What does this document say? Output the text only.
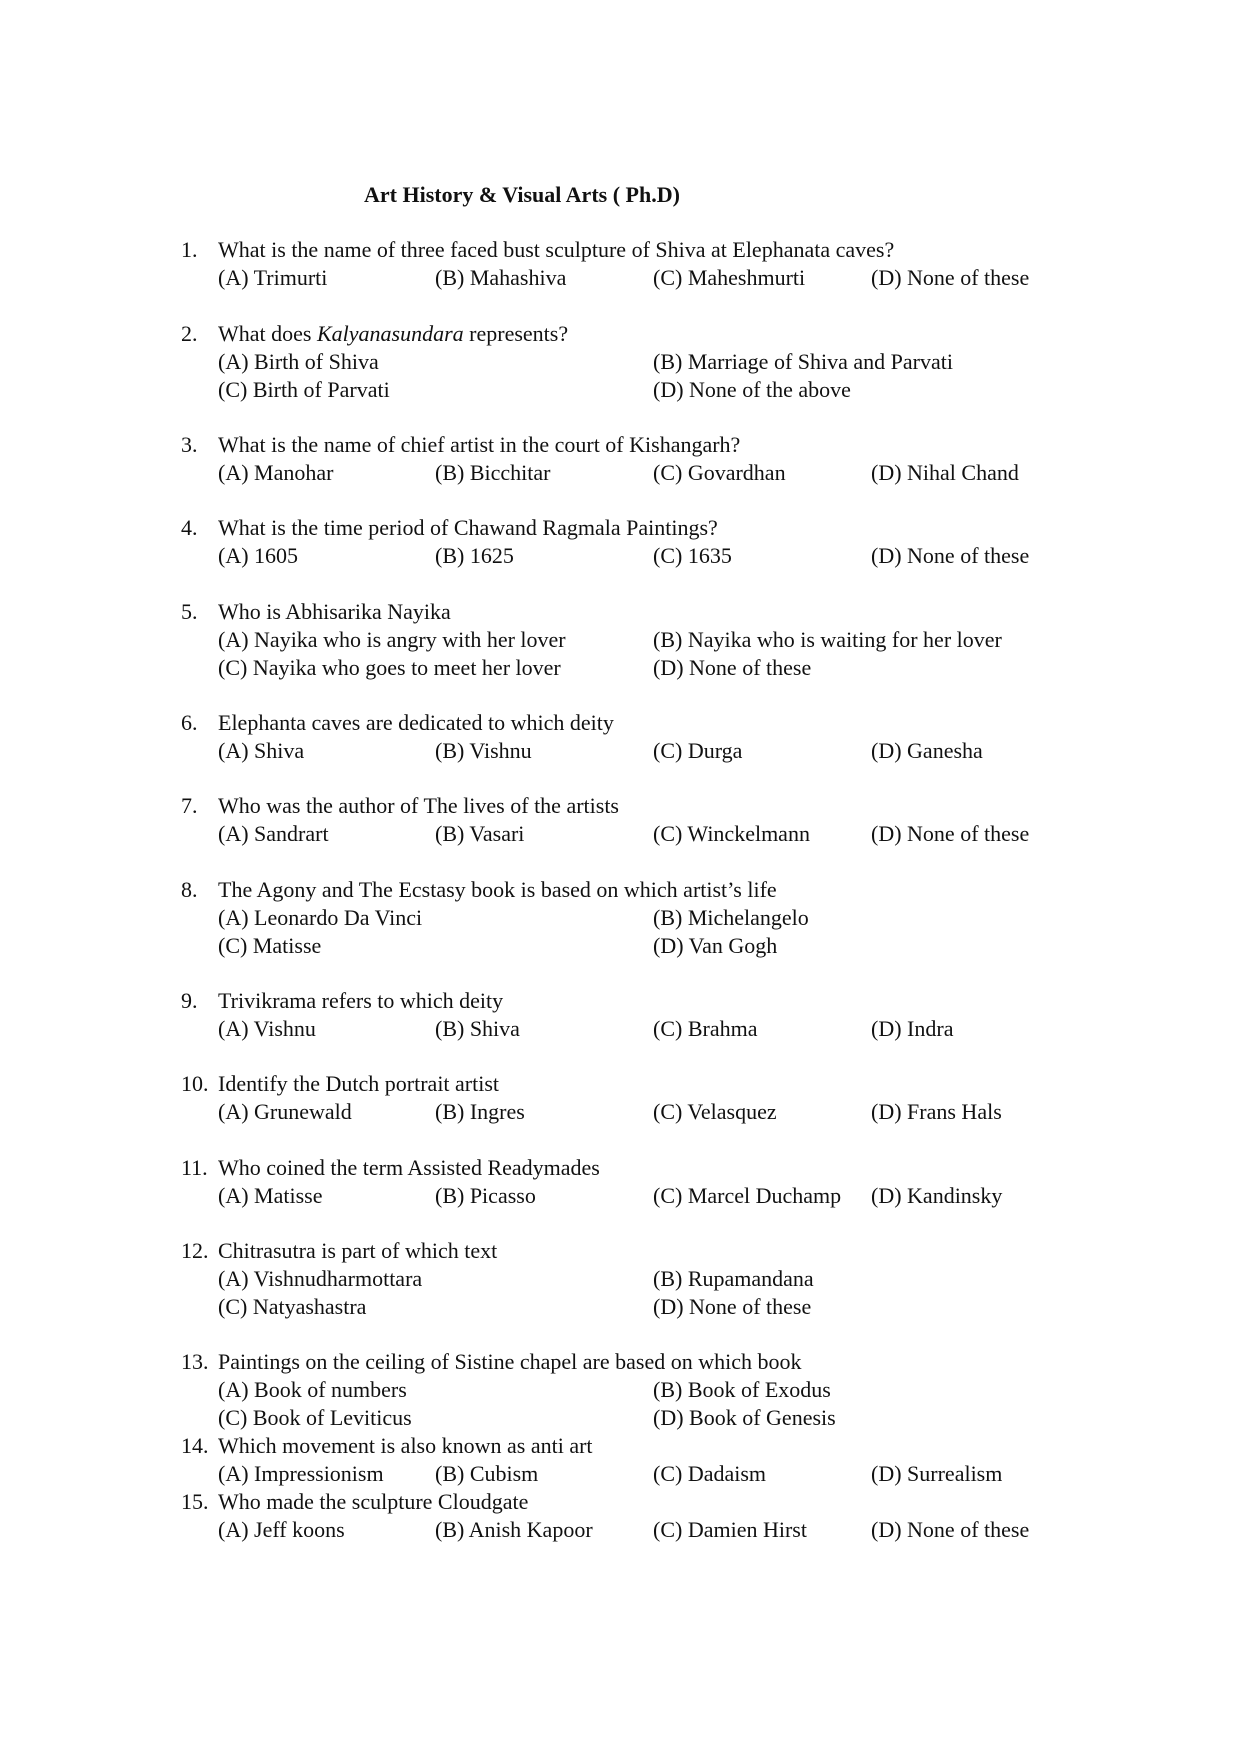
Art History & Visual Arts ( Ph.D)
1. What is the name of three faced bust sculpture of Shiva at Elephanata caves?
(A) Trimurti	(B) Mahashiva	(C) Maheshmurti	(D) None of these
2. What does Kalyanasundara represents?
(A) Birth of Shiva	(B) Marriage of Shiva and Parvati
(C) Birth of Parvati	(D) None of the above
3. What is the name of chief artist in the court of Kishangarh?
(A) Manohar	(B) Bicchitar	(C) Govardhan	(D) Nihal Chand
4. What is the time period of Chawand Ragmala Paintings?
(A) 1605	(B) 1625	(C) 1635	(D) None of these
5. Who is Abhisarika Nayika
(A) Nayika who is angry with her lover	(B) Nayika who is waiting for her lover
(C) Nayika who goes to meet her lover	(D) None of these
6. Elephanta caves are dedicated to which deity
(A) Shiva	(B) Vishnu	(C) Durga	(D) Ganesha
7. Who was the author of The lives of the artists
(A) Sandrart	(B) Vasari	(C) Winckelmann	(D) None of these
8. The Agony and The Ecstasy book is based on which artist’s life
(A) Leonardo Da Vinci	(B) Michelangelo
(C) Matisse	(D) Van Gogh
9. Trivikrama refers to which deity
(A) Vishnu	(B) Shiva	(C) Brahma	(D) Indra
10. Identify the Dutch portrait artist
(A) Grunewald	(B) Ingres	(C) Velasquez	(D) Frans Hals
11. Who coined the term Assisted Readymades
(A) Matisse	(B) Picasso	(C) Marcel Duchamp (D) Kandinsky
12. Chitrasutra is part of which text
(A) Vishnudharmottara	(B) Rupamandana
(C) Natyashastra	(D) None of these
13. Paintings on the ceiling of Sistine chapel are based on which book
(A) Book of numbers	(B) Book of Exodus
(C) Book of Leviticus	(D) Book of Genesis
14. Which movement is also known as anti art
(A) Impressionism (B) Cubism	(C) Dadaism	(D) Surrealism
15. Who made the sculpture Cloudgate
(A) Jeff koons	(B) Anish Kapoor	(C) Damien Hirst	(D) None of these
